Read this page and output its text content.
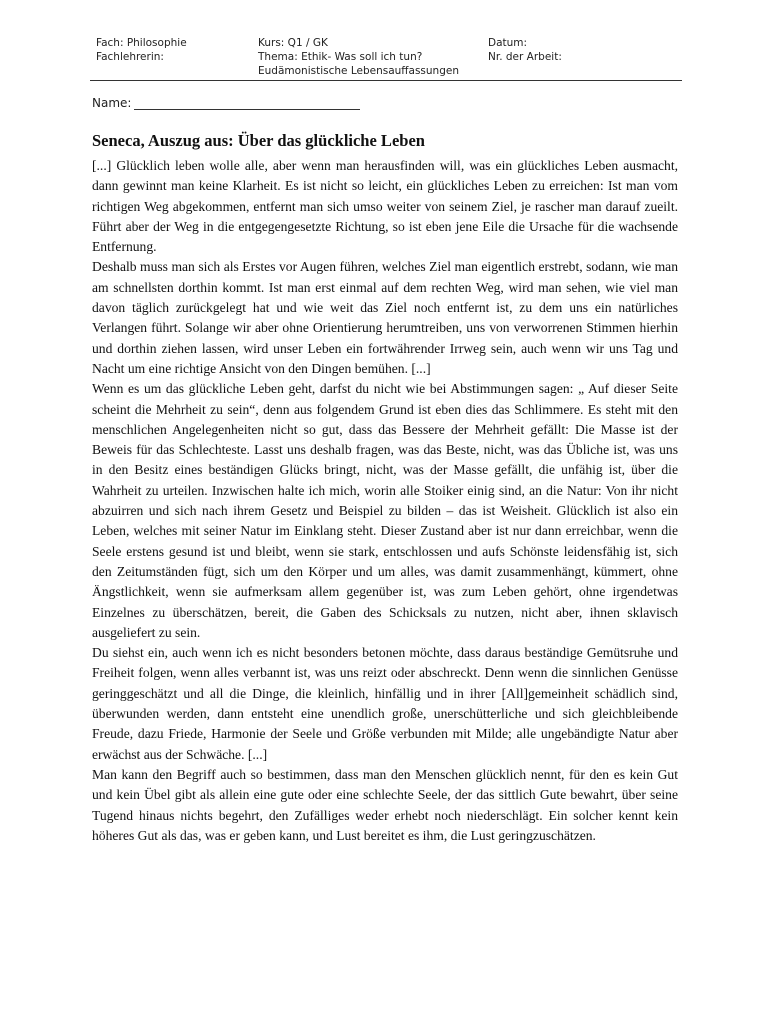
Fach: Philosophie
Fachlehrerin:
Kurs: Q1 / GK
Thema: Ethik- Was soll ich tun?
Eudämonistische Lebensauffassungen
Datum:
Nr. der Arbeit:
Name:
Seneca, Auszug aus: Über das glückliche Leben

[...] Glücklich leben wolle alle, aber wenn man herausfinden will, was ein glückliches Leben ausmacht, dann gewinnt man keine Klarheit. Es ist nicht so leicht, ein glückliches Leben zu erreichen: Ist man vom richtigen Weg abgekommen, entfernt man sich umso weiter von seinem Ziel, je rascher man darauf zueilt. Führt aber der Weg in die entgegengesetzte Richtung, so ist eben jene Eile die Ursache für die wachsende Entfernung.

Deshalb muss man sich als Erstes vor Augen führen, welches Ziel man eigentlich erstrebt, sodann, wie man am schnellsten dorthin kommt. Ist man erst einmal auf dem rechten Weg, wird man sehen, wie viel man davon täglich zurückgelegt hat und wie weit das Ziel noch entfernt ist, zu dem uns ein natürliches Verlangen führt. Solange wir aber ohne Orientierung herumtreiben, uns von verworrenen Stimmen hierhin und dorthin ziehen lassen, wird unser Leben ein fortwährender Irrweg sein, auch wenn wir uns Tag und Nacht um eine richtige Ansicht von den Dingen bemühen. [...]

Wenn es um das glückliche Leben geht, darfst du nicht wie bei Abstimmungen sagen: „ Auf dieser Seite scheint die Mehrheit zu sein“, denn aus folgendem Grund ist eben dies das Schlimmere. Es steht mit den menschlichen Angelegenheiten nicht so gut, dass das Bessere der Mehrheit gefällt: Die Masse ist der Beweis für das Schlechteste. Lasst uns deshalb fragen, was das Beste, nicht, was das Übliche ist, was uns in den Besitz eines beständigen Glücks bringt, nicht, was der Masse gefällt, die unfähig ist, über die Wahrheit zu urteilen. Inzwischen halte ich mich, worin alle Stoiker einig sind, an die Natur: Von ihr nicht abzuirren und sich nach ihrem Gesetz und Beispiel zu bilden – das ist Weisheit. Glücklich ist also ein Leben, welches mit seiner Natur im Einklang steht. Dieser Zustand aber ist nur dann erreichbar, wenn die Seele erstens gesund ist und bleibt, wenn sie stark, entschlossen und aufs Schönste leidensfähig ist, sich den Zeitumständen fügt, sich um den Körper und um alles, was damit zusammenhängt, kümmert, ohne Ängstlichkeit, wenn sie aufmerksam allem gegenüber ist, was zum Leben gehört, ohne irgendetwas Einzelnes zu überschätzen, bereit, die Gaben des Schicksals zu nutzen, nicht aber, ihnen sklavisch ausgeliefert zu sein.

Du siehst ein, auch wenn ich es nicht besonders betonen möchte, dass daraus beständige Gemütsruhe und Freiheit folgen, wenn alles verbannt ist, was uns reizt oder abschreckt. Denn wenn die sinnlichen Genüsse geringgeschätzt und all die Dinge, die kleinlich, hinfällig und in ihrer [All]gemeinheit schädlich sind, überwunden werden, dann entsteht eine unendlich große, unerschütterliche und sich gleichbleibende Freude, dazu Friede, Harmonie der Seele und Größe verbunden mit Milde; alle ungebändigte Natur aber erwächst aus der Schwäche. [...]

Man kann den Begriff auch so bestimmen, dass man den Menschen glücklich nennt, für den es kein Gut und kein Übel gibt als allein eine gute oder eine schlechte Seele, der das sittlich Gute bewahrt, über seine Tugend hinaus nichts begehrt, den Zufälliges weder erhebt noch niederschlägt. Ein solcher kennt kein höheres Gut als das, was er geben kann, und Lust bereitet es ihm, die Lust geringzuschätzen.
